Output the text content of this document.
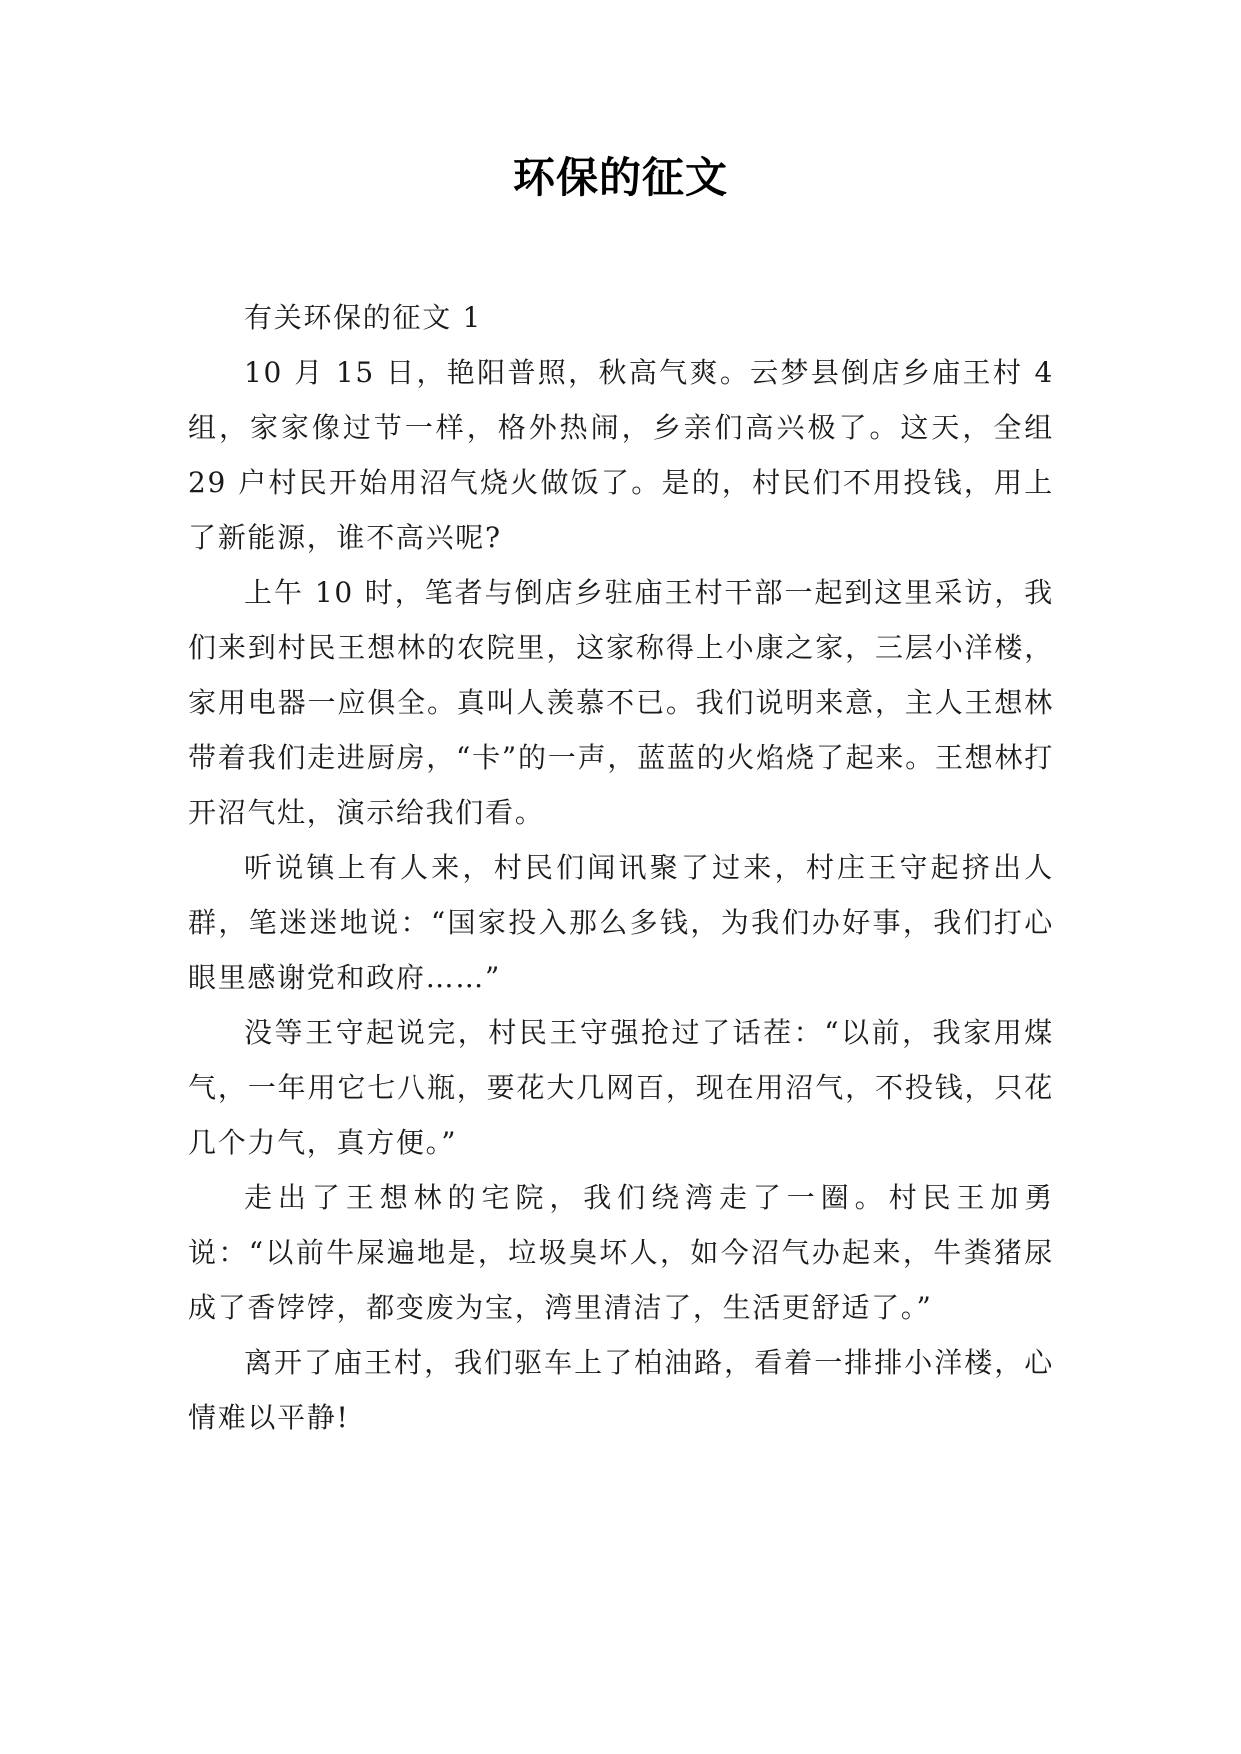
环保的征文

有关环保的征文 1

10 月 15 日，艳阳普照，秋高气爽。云梦县倒店乡庙王村 4 组，家家像过节一样，格外热闹，乡亲们高兴极了。这天，全组 29 户村民开始用沼气烧火做饭了。是的，村民们不用投钱，用上了新能源，谁不高兴呢?

上午 10 时，笔者与倒店乡驻庙王村干部一起到这里采访，我们来到村民王想林的农院里，这家称得上小康之家，三层小洋楼，家用电器一应俱全。真叫人羡慕不已。我们说明来意，主人王想林带着我们走进厨房，“卡”的一声，蓝蓝的火焰烧了起来。王想林打开沼气灶，演示给我们看。

听说镇上有人来，村民们闻讯聚了过来，村庄王守起挤出人群，笔迷迷地说：“国家投入那么多钱，为我们办好事，我们打心眼里感谢党和政府……”

没等王守起说完，村民王守强抢过了话茬：“以前，我家用煤气，一年用它七八瓶，要花大几网百，现在用沼气，不投钱，只花几个力气，真方便。”

走出了王想林的宅院，我们绕湾走了一圈。村民王加勇说：“以前牛屎遍地是，垃圾臭坏人，如今沼气办起来，牛粪猪尿成了香饽饽，都变废为宝，湾里清洁了，生活更舒适了。”

离开了庙王村，我们驱车上了柏油路，看着一排排小洋楼，心情难以平静!
